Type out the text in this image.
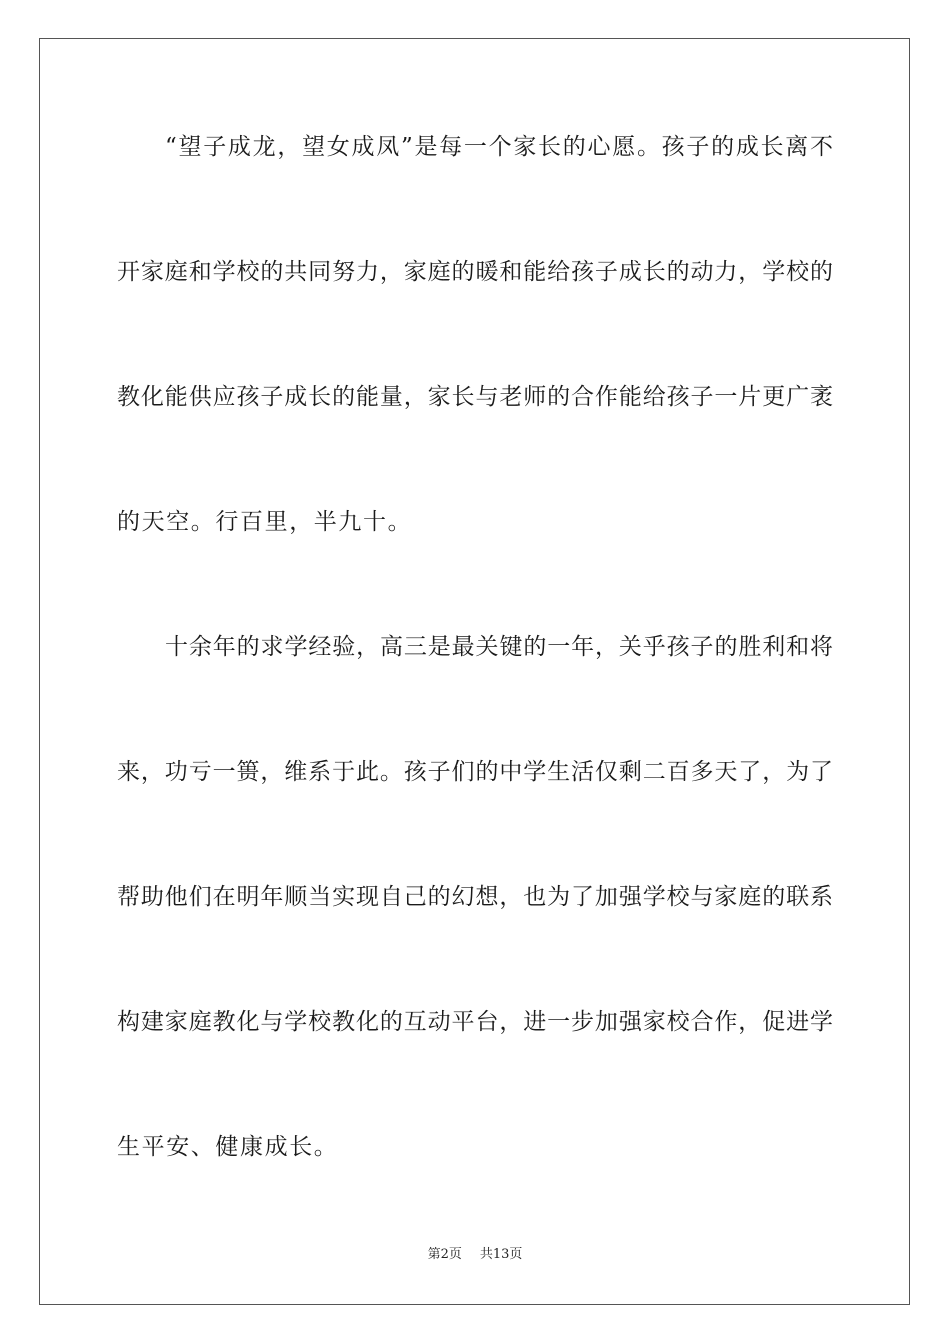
“望子成龙，望女成凤”是每一个家长的心愿。孩子的成长离不
开家庭和学校的共同努力，家庭的暖和能给孩子成长的动力，学校的
教化能供应孩子成长的能量，家长与老师的合作能给孩子一片更广袤
的天空。行百里，半九十。
十余年的求学经验，高三是最关键的一年，关乎孩子的胜利和将
来，功亏一篑，维系于此。孩子们的中学生活仅剩二百多天了，为了
帮助他们在明年顺当实现自己的幻想，也为了加强学校与家庭的联系
构建家庭教化与学校教化的互动平台，进一步加强家校合作，促进学
生平安、健康成长。
第2页 共13页
